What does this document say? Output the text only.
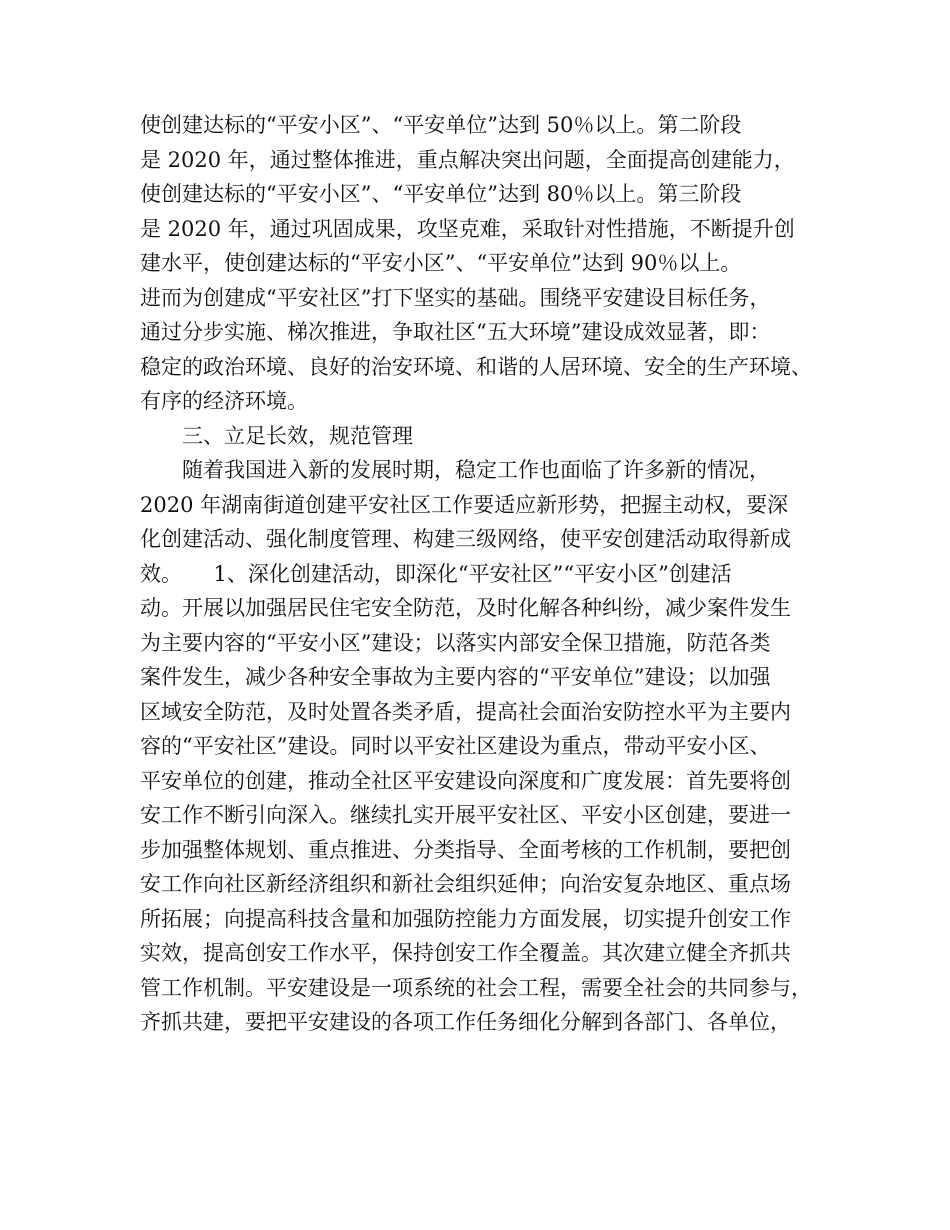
使创建达标的“平安小区”、“平安单位”达到 50％以上。第二阶段
是 2020 年，通过整体推进，重点解决突出问题，全面提高创建能力，
使创建达标的“平安小区”、“平安单位”达到 80％以上。第三阶段
是 2020 年，通过巩固成果，攻坚克难，采取针对性措施，不断提升创
建水平，使创建达标的“平安小区”、“平安单位”达到 90％以上。
进而为创建成“平安社区”打下坚实的基础。围绕平安建设目标任务，
通过分步实施、梯次推进，争取社区“五大环境”建设成效显著，即：
稳定的政治环境、良好的治安环境、和谐的人居环境、安全的生产环境、
有序的经济环境。
三、立足长效，规范管理
随着我国进入新的发展时期，稳定工作也面临了许多新的情况，
2020 年湖南街道创建平安社区工作要适应新形势，把握主动权，要深
化创建活动、强化制度管理、构建三级网络，使平安创建活动取得新成
效。　　1、深化创建活动，即深化“平安社区”“平安小区”创建活
动。开展以加强居民住宅安全防范，及时化解各种纠纷，减少案件发生
为主要内容的“平安小区”建设；以落实内部安全保卫措施，防范各类
案件发生，减少各种安全事故为主要内容的“平安单位”建设；以加强
区域安全防范，及时处置各类矛盾，提高社会面治安防控水平为主要内
容的“平安社区”建设。同时以平安社区建设为重点，带动平安小区、
平安单位的创建，推动全社区平安建设向深度和广度发展：首先要将创
安工作不断引向深入。继续扎实开展平安社区、平安小区创建，要进一
步加强整体规划、重点推进、分类指导、全面考核的工作机制，要把创
安工作向社区新经济组织和新社会组织延伸；向治安复杂地区、重点场
所拓展；向提高科技含量和加强防控能力方面发展，切实提升创安工作
实效，提高创安工作水平，保持创安工作全覆盖。其次建立健全齐抓共
管工作机制。平安建设是一项系统的社会工程，需要全社会的共同参与，
齐抓共建，要把平安建设的各项工作任务细化分解到各部门、各单位，
